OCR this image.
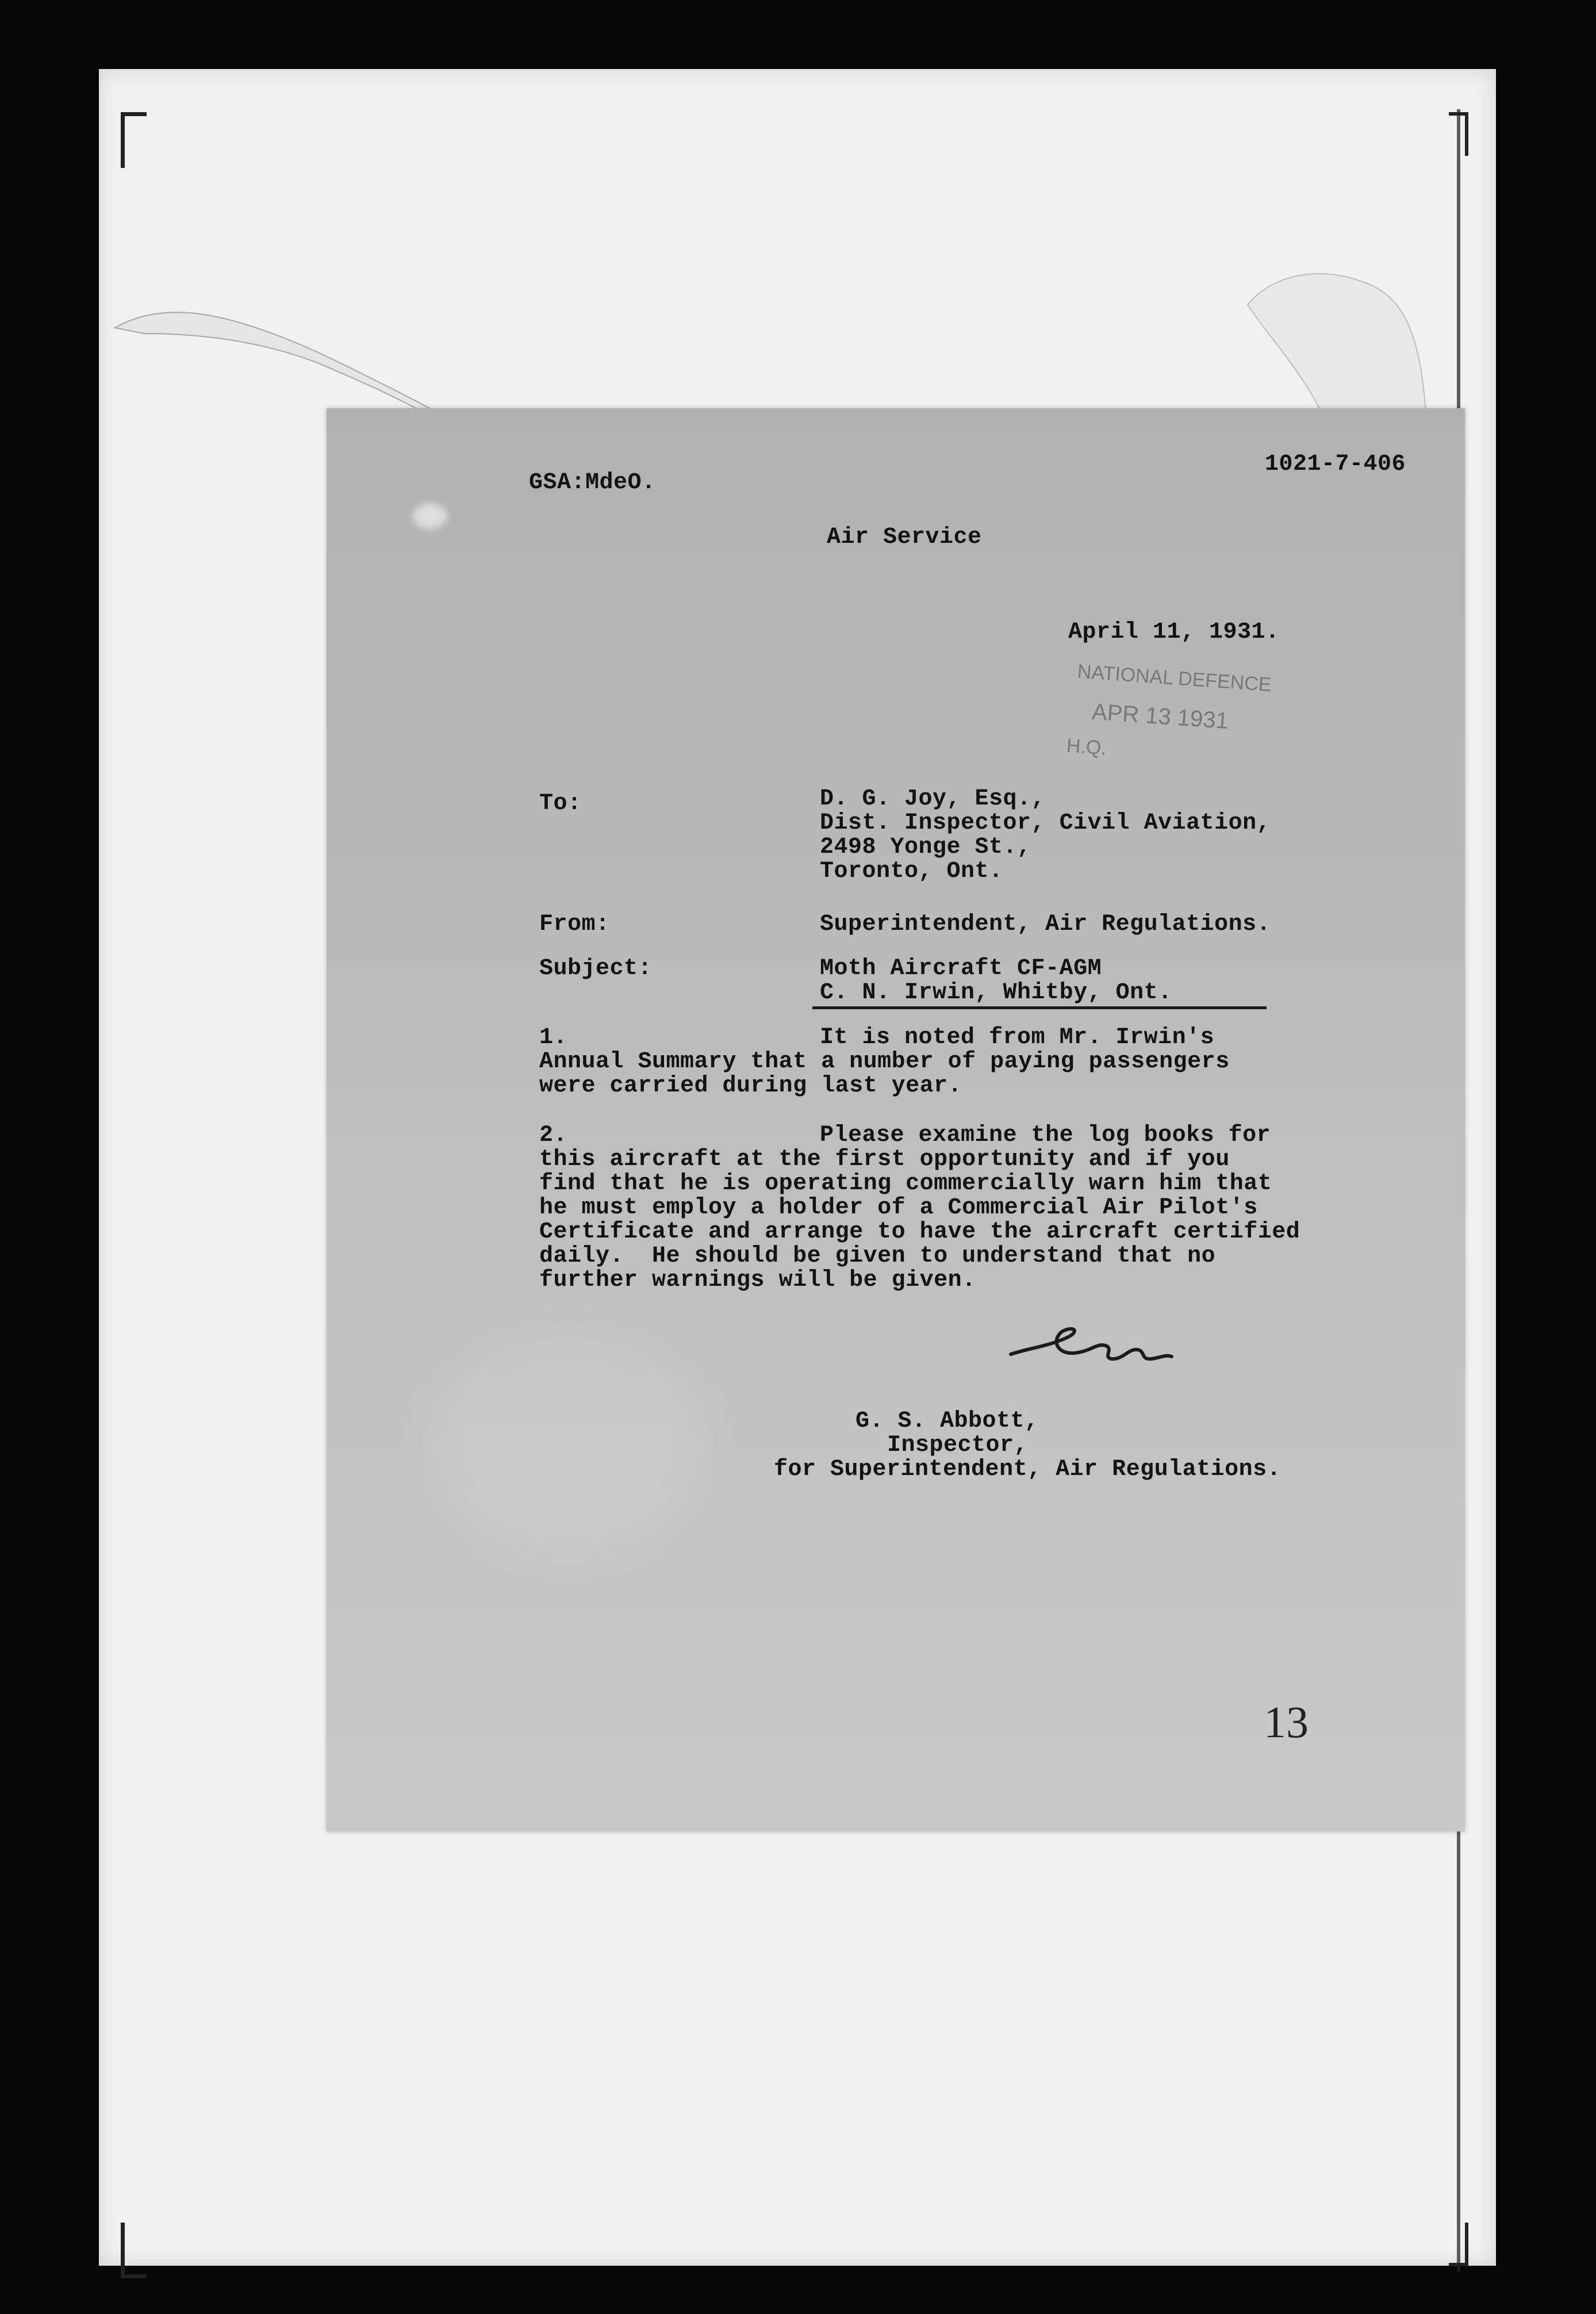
GSA:MdeO.
1021-7-406
Air Service
April 11, 1931.
NATIONAL DEFENCE
APR 13 1931
H.Q.
To:	D. G. Joy, Esq.,
Dist. Inspector, Civil Aviation,
2498 Yonge St.,
Toronto, Ont.
From:	Superintendent, Air Regulations.
Subject:	Moth Aircraft CF-AGM
C. N. Irwin, Whitby, Ont.
1.	It is noted from Mr. Irwin's
Annual Summary that a number of paying passengers
were carried during last year.
2.	Please examine the log books for
this aircraft at the first opportunity and if you
find that he is operating commercially warn him that
he must employ a holder of a Commercial Air Pilot's
Certificate and arrange to have the aircraft certified
daily.  He should be given to understand that no
further warnings will be given.
G. S. Abbott,
Inspector,
for Superintendent, Air Regulations.
13
